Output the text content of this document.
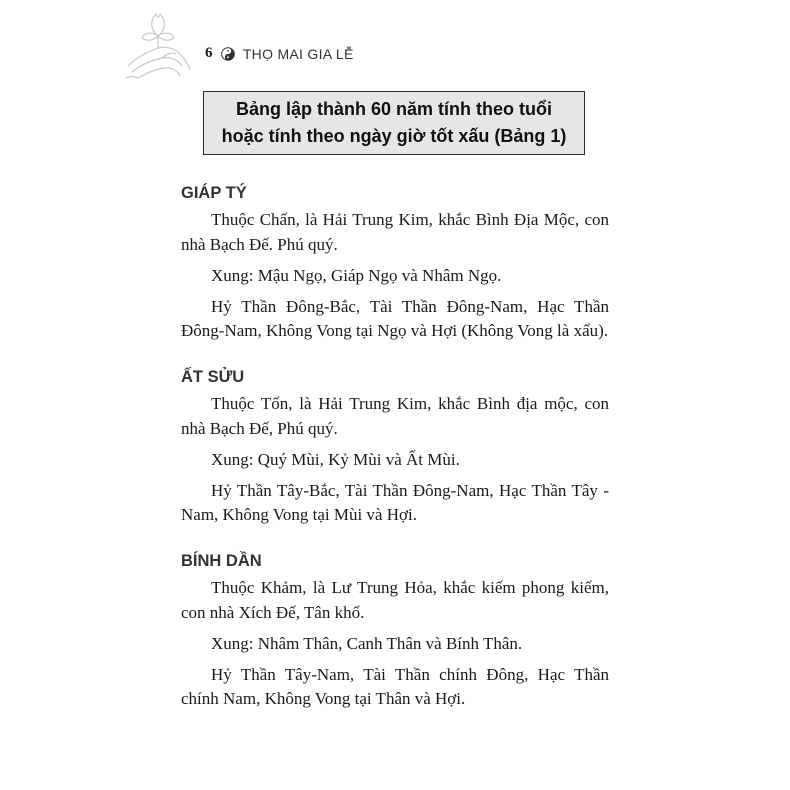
6 THỌ MAI GIA LỄ
Bảng lập thành 60 năm tính theo tuổi
hoặc tính theo ngày giờ tốt xấu (Bảng 1)
GIÁP TÝ

Thuộc Chấn, là Hải Trung Kim, khắc Bình Địa Mộc, con nhà Bạch Đế. Phú quý.

Xung: Mậu Ngọ, Giáp Ngọ và Nhâm Ngọ.

Hỷ Thần Đông-Bắc, Tài Thần Đông-Nam, Hạc Thần Đông-Nam, Không Vong tại Ngọ và Hợi (Không Vong là xấu).

ẤT SỬU

Thuộc Tốn, là Hải Trung Kim, khắc Bình địa mộc, con nhà Bạch Đế, Phú quý.

Xung: Quý Mùi, Kỷ Mùi và Ất Mùi.

Hỷ Thần Tây-Bắc, Tài Thần Đông-Nam, Hạc Thần Tây - Nam, Không Vong tại Mùi và Hợi.

BÍNH DẦN

Thuộc Khảm, là Lư Trung Hỏa, khắc kiếm phong kiếm, con nhà Xích Đế, Tân khổ.

Xung: Nhâm Thân, Canh Thân và Bính Thân.

Hỷ Thần Tây-Nam, Tài Thần chính Đông, Hạc Thần chính Nam, Không Vong tại Thân và Hợi.
